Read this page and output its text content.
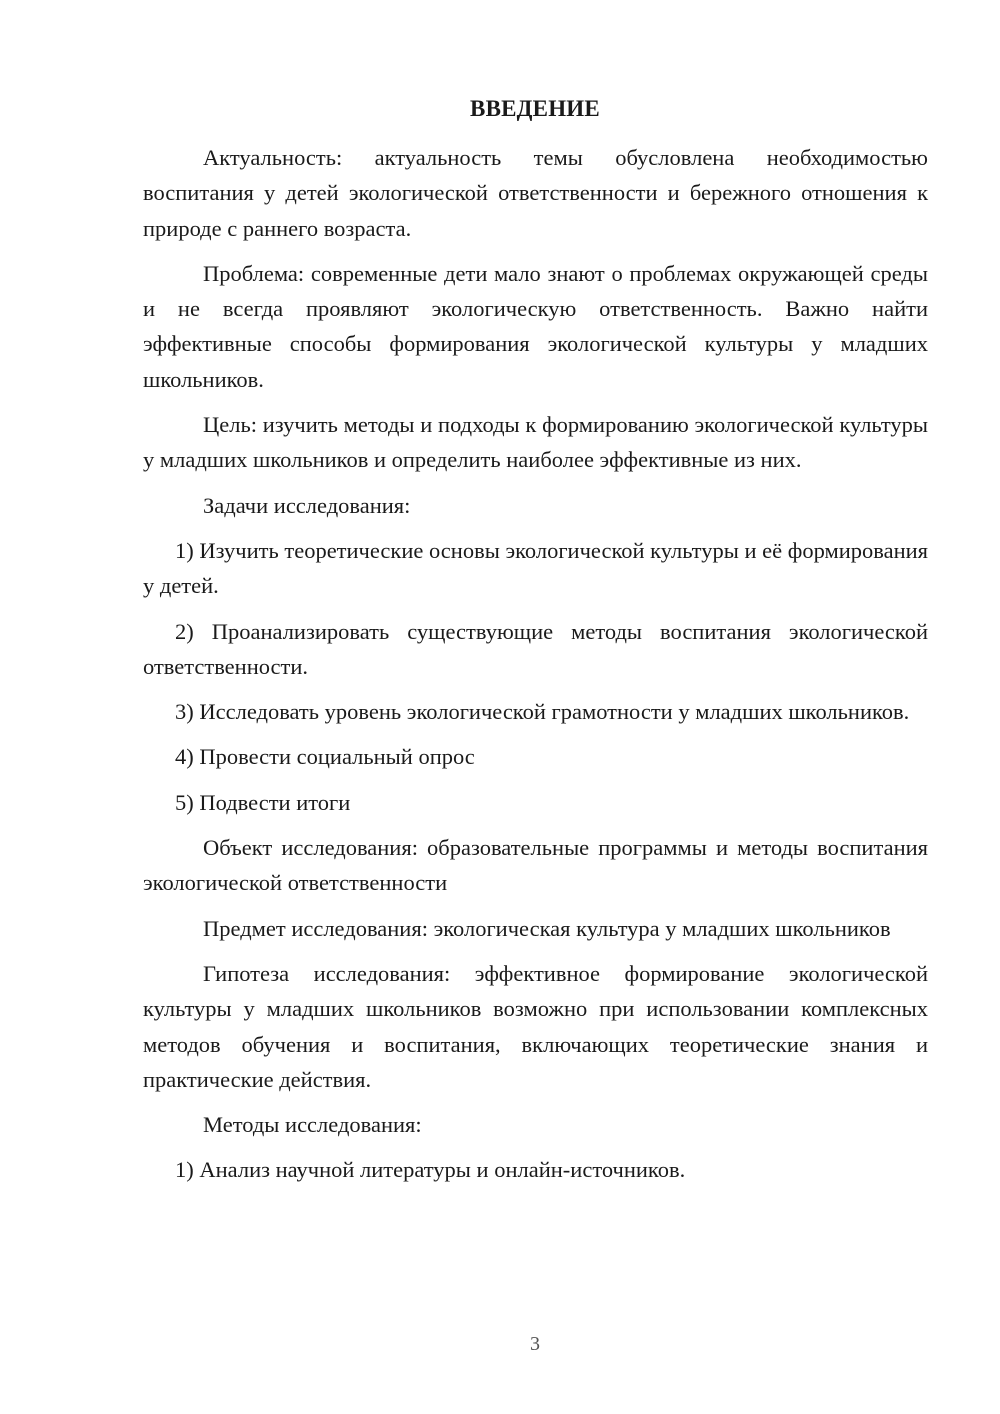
ВВЕДЕНИЕ

Актуальность: актуальность темы обусловлена необходимостью воспитания у детей экологической ответственности и бережного отношения к природе с раннего возраста.

Проблема: современные дети мало знают о проблемах окружающей среды и не всегда проявляют экологическую ответственность. Важно найти эффективные способы формирования экологической культуры у младших школьников.

Цель: изучить методы и подходы к формированию экологической культуры у младших школьников и определить наиболее эффективные из них.

Задачи исследования:

1) Изучить теоретические основы экологической культуры и её формирования у детей.

2) Проанализировать существующие методы воспитания экологической ответственности.

3) Исследовать уровень экологической грамотности у младших школьников.

4) Провести социальный опрос

5) Подвести итоги

Объект исследования: образовательные программы и методы воспитания экологической ответственности

Предмет исследования: экологическая культура у младших школьников

Гипотеза исследования: эффективное формирование экологической культуры у младших школьников возможно при использовании комплексных методов обучения и воспитания, включающих теоретические знания и практические действия.

Методы исследования:

1) Анализ научной литературы и онлайн-источников.

3
